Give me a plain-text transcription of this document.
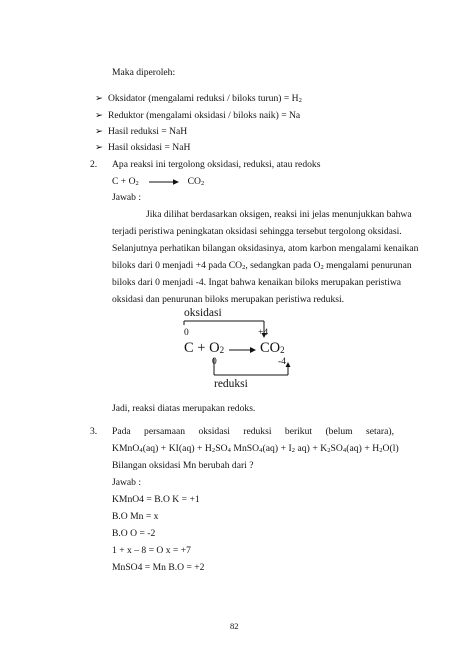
Maka diperoleh:
➢ Oksidator (mengalami reduksi / biloks turun) = $H_2$
➢ Reduktor (mengalami oksidasi / biloks naik) = Na
➢ Hasil reduksi = NaH
➢ Hasil oksidasi = NaH
2. Apa reaksi ini tergolong oksidasi, reduksi, atau redoks
$C + O_2 \to CO_2$
Jawab :
Jika dilihat berdasarkan oksigen, reaksi ini jelas menunjukkan bahwa
terjadi peristiwa peningkatan oksidasi sehingga tersebut tergolong oksidasi.
Selanjutnya perhatikan bilangan oksidasinya, atom karbon mengalami kenaikan
biloks dari 0 menjadi +4 pada $CO_2$, sedangkan pada $O_2$ mengalami penurunan
biloks dari 0 menjadi -4. Ingat bahwa kenaikan biloks merupakan peristiwa
oksidasi dan penurunan biloks merupakan peristiwa reduksi.
oksidasi
0	+4
$C + O_2$ $CO_2$
0	-4
reduksi
Jadi, reaksi diatas merupakan redoks.
3. Pada persamaan oksidasi reduksi berikut (belum setara),
KMnO$_4$(aq) + $KI(aq) + H_2SO_4$ MnSO$_4$(aq) + $I_2$ $aq) + K_2SO_4(aq) + H_2O(l)$
Bilangan oksidasi Mn berubah dari ?
Jawab :
KMnO4 = B.O K = +1
B.O Mn = x
B.O O = -2
1 + x – 8 = O x = +7
MnSO4 = Mn B.O = +2
82
